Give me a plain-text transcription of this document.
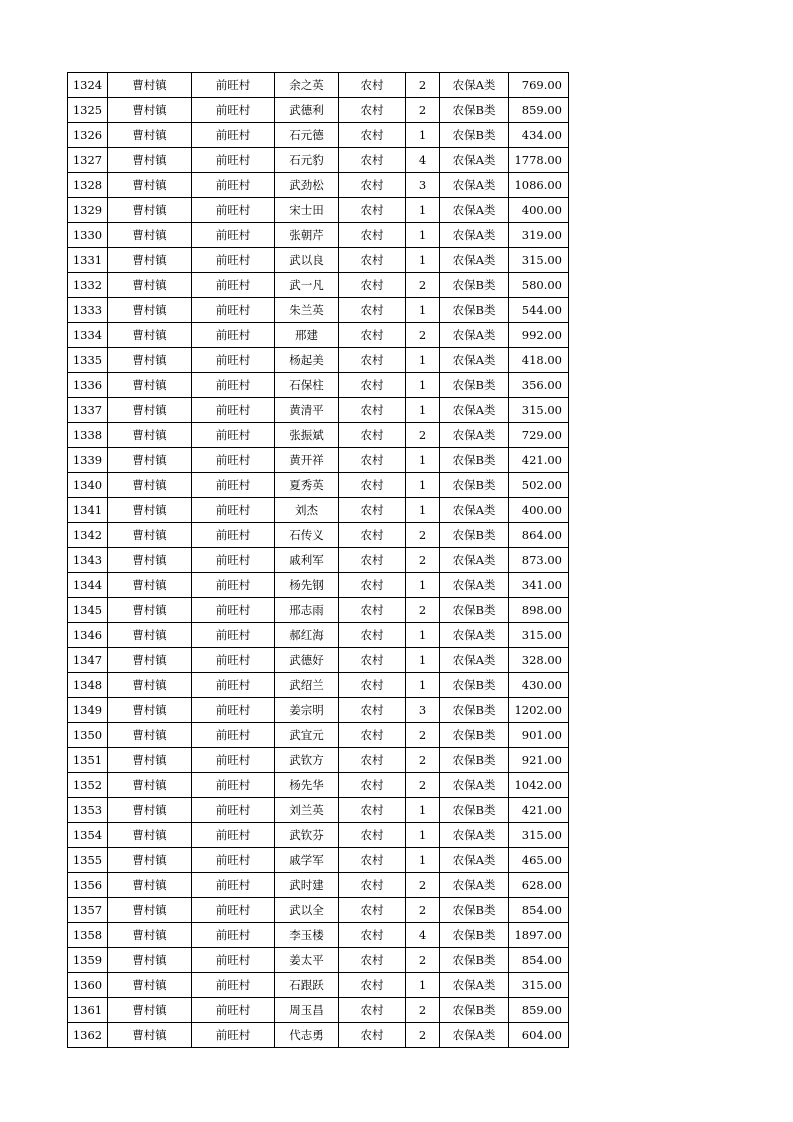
1324	曹村镇	前旺村	余之英	农村	2	农保A类	769.00
1325	曹村镇	前旺村	武德利	农村	2	农保B类	859.00
1326	曹村镇	前旺村	石元德	农村	1	农保B类	434.00
1327	曹村镇	前旺村	石元豹	农村	4	农保A类	1778.00
1328	曹村镇	前旺村	武劲松	农村	3	农保A类	1086.00
1329	曹村镇	前旺村	宋士田	农村	1	农保A类	400.00
1330	曹村镇	前旺村	张朝芹	农村	1	农保A类	319.00
1331	曹村镇	前旺村	武以良	农村	1	农保A类	315.00
1332	曹村镇	前旺村	武一凡	农村	2	农保B类	580.00
1333	曹村镇	前旺村	朱兰英	农村	1	农保B类	544.00
1334	曹村镇	前旺村	邢建	农村	2	农保A类	992.00
1335	曹村镇	前旺村	杨起美	农村	1	农保A类	418.00
1336	曹村镇	前旺村	石保柱	农村	1	农保B类	356.00
1337	曹村镇	前旺村	黄清平	农村	1	农保A类	315.00
1338	曹村镇	前旺村	张振斌	农村	2	农保A类	729.00
1339	曹村镇	前旺村	黄开祥	农村	1	农保B类	421.00
1340	曹村镇	前旺村	夏秀英	农村	1	农保B类	502.00
1341	曹村镇	前旺村	刘杰	农村	1	农保A类	400.00
1342	曹村镇	前旺村	石传义	农村	2	农保B类	864.00
1343	曹村镇	前旺村	戚利军	农村	2	农保A类	873.00
1344	曹村镇	前旺村	杨先钢	农村	1	农保A类	341.00
1345	曹村镇	前旺村	邢志雨	农村	2	农保B类	898.00
1346	曹村镇	前旺村	郝红海	农村	1	农保A类	315.00
1347	曹村镇	前旺村	武德好	农村	1	农保A类	328.00
1348	曹村镇	前旺村	武绍兰	农村	1	农保B类	430.00
1349	曹村镇	前旺村	姜宗明	农村	3	农保B类	1202.00
1350	曹村镇	前旺村	武宜元	农村	2	农保B类	901.00
1351	曹村镇	前旺村	武钦方	农村	2	农保B类	921.00
1352	曹村镇	前旺村	杨先华	农村	2	农保A类	1042.00
1353	曹村镇	前旺村	刘兰英	农村	1	农保B类	421.00
1354	曹村镇	前旺村	武钦芬	农村	1	农保A类	315.00
1355	曹村镇	前旺村	戚学军	农村	1	农保A类	465.00
1356	曹村镇	前旺村	武时建	农村	2	农保A类	628.00
1357	曹村镇	前旺村	武以全	农村	2	农保B类	854.00
1358	曹村镇	前旺村	李玉楼	农村	4	农保B类	1897.00
1359	曹村镇	前旺村	姜太平	农村	2	农保B类	854.00
1360	曹村镇	前旺村	石跟跃	农村	1	农保A类	315.00
1361	曹村镇	前旺村	周玉昌	农村	2	农保B类	859.00
1362	曹村镇	前旺村	代志勇	农村	2	农保A类	604.00
